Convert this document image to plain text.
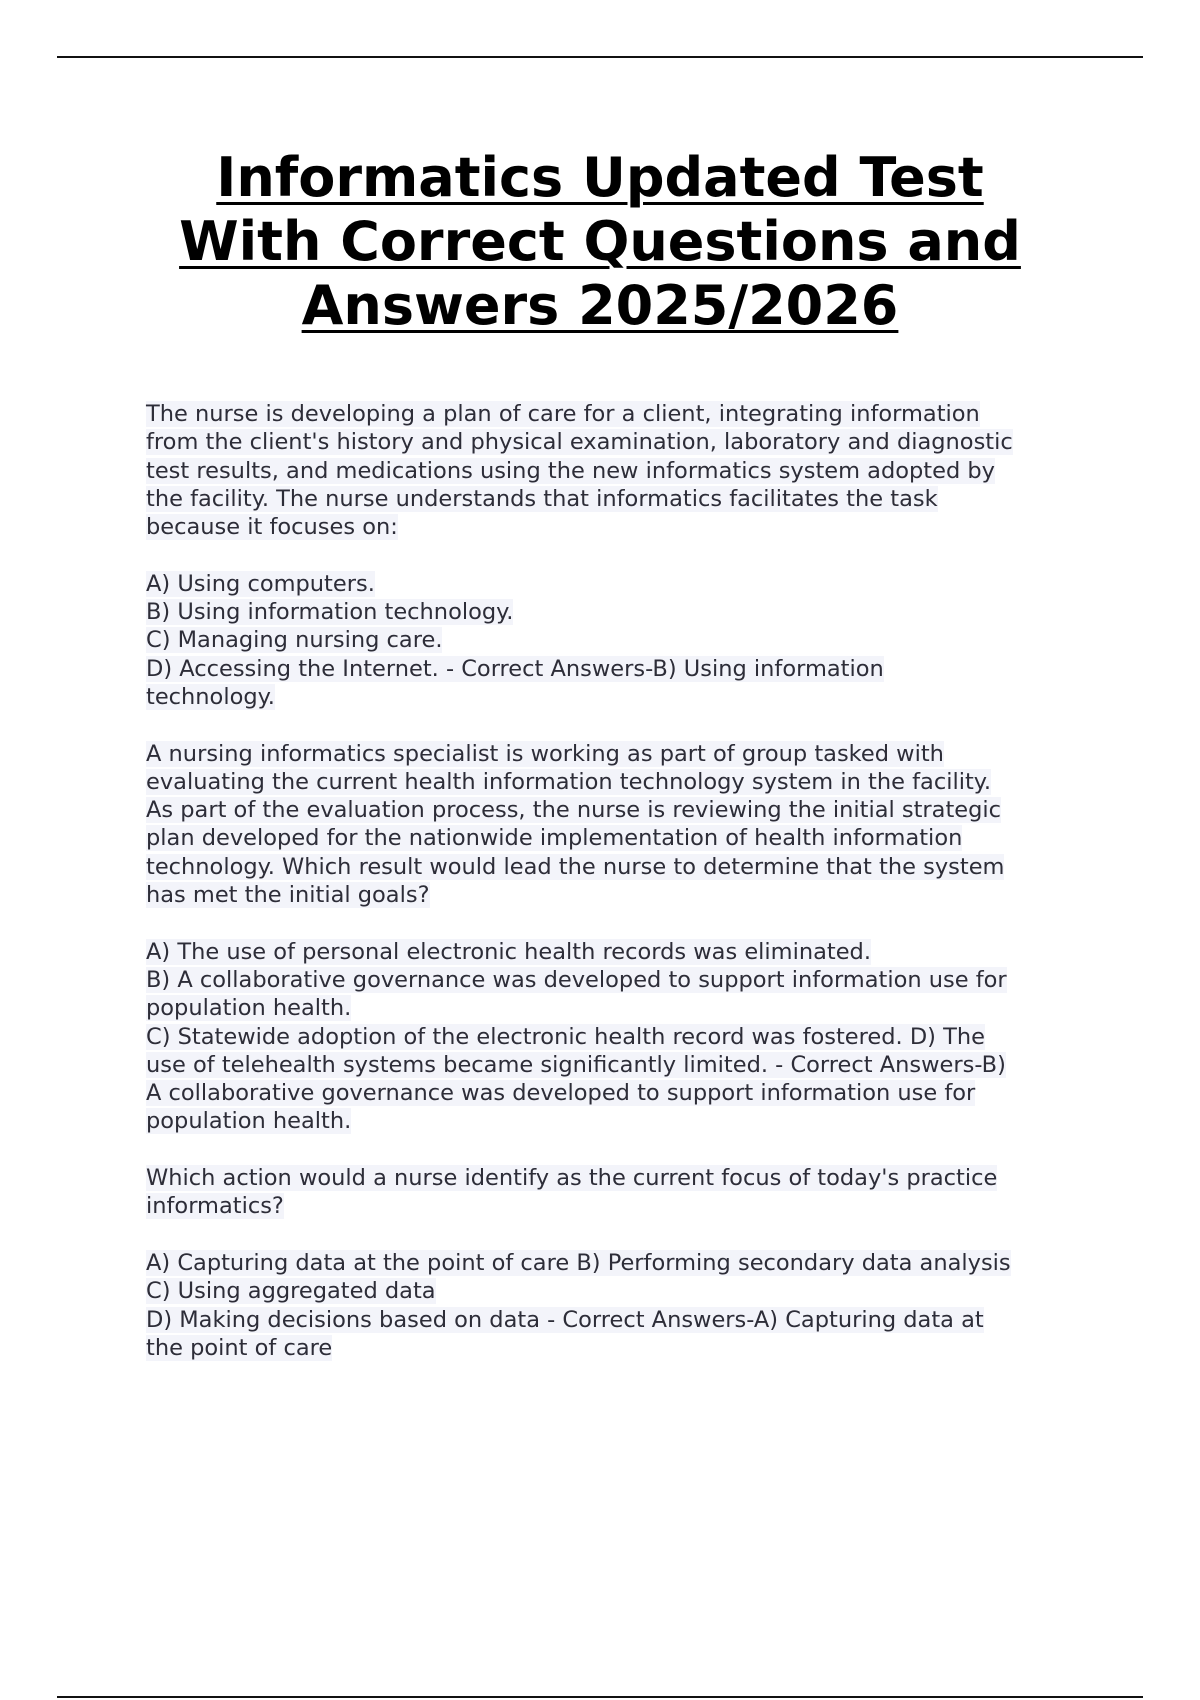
Informatics Updated Test
With Correct Questions and
Answers 2025/2026
The nurse is developing a plan of care for a client, integrating information
from the client's history and physical examination, laboratory and diagnostic
test results, and medications using the new informatics system adopted by
the facility. The nurse understands that informatics facilitates the task
because it focuses on:
A) Using computers.
B) Using information technology.
C) Managing nursing care.
D) Accessing the Internet. - Correct Answers-B) Using information
technology.
A nursing informatics specialist is working as part of group tasked with
evaluating the current health information technology system in the facility.
As part of the evaluation process, the nurse is reviewing the initial strategic
plan developed for the nationwide implementation of health information
technology. Which result would lead the nurse to determine that the system
has met the initial goals?
A) The use of personal electronic health records was eliminated.
B) A collaborative governance was developed to support information use for
population health.
C) Statewide adoption of the electronic health record was fostered. D) The
use of telehealth systems became significantly limited. - Correct Answers-B)
A collaborative governance was developed to support information use for
population health.
Which action would a nurse identify as the current focus of today's practice
informatics?
A) Capturing data at the point of care B) Performing secondary data analysis
C) Using aggregated data
D) Making decisions based on data - Correct Answers-A) Capturing data at
the point of care
